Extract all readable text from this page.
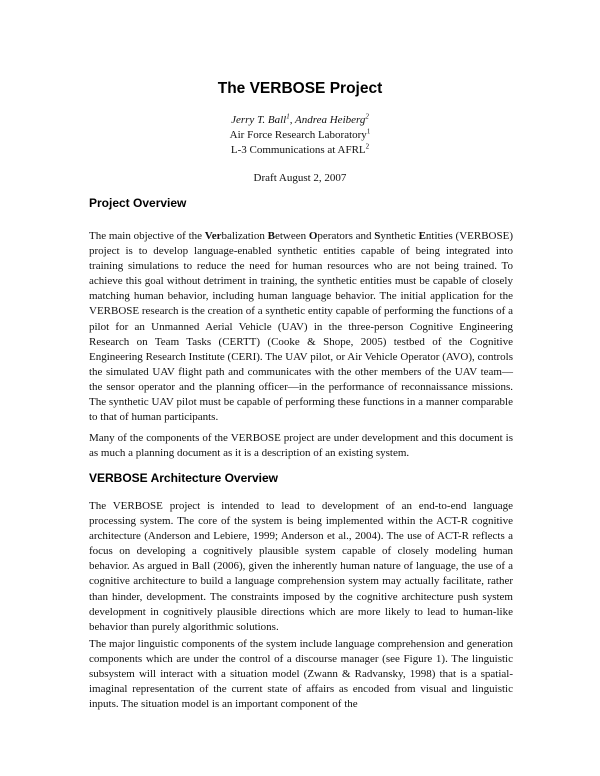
The VERBOSE Project
Jerry T. Ball$^1$, Andrea Heiberg$^2$
Air Force Research Laboratory$^1$
L-3 Communications at AFRL$^2$
Draft August 2, 2007
Project Overview

The main objective of the Verbalization Between Operators and Synthetic Entities (VERBOSE) project is to develop language-enabled synthetic entities capable of being integrated into training simulations to reduce the need for human resources who are not being trained. To achieve this goal without detriment in training, the synthetic entities must be capable of closely matching human behavior, including human language behavior. The initial application for the VERBOSE research is the creation of a synthetic entity capable of performing the functions of a pilot for an Unmanned Aerial Vehicle (UAV) in the three-person Cognitive Engineering Research on Team Tasks (CERTT) (Cooke & Shope, 2005) testbed of the Cognitive Engineering Research Institute (CERI). The UAV pilot, or Air Vehicle Operator (AVO), controls the simulated UAV flight path and communicates with the other members of the UAV team—the sensor operator and the planning officer—in the performance of reconnaissance missions. The synthetic UAV pilot must be capable of performing these functions in a manner comparable to that of human participants.

Many of the components of the VERBOSE project are under development and this document is as much a planning document as it is a description of an existing system.

VERBOSE Architecture Overview

The VERBOSE project is intended to lead to development of an end-to-end language processing system. The core of the system is being implemented within the ACT-R cognitive architecture (Anderson and Lebiere, 1999; Anderson et al., 2004). The use of ACT-R reflects a focus on developing a cognitively plausible system capable of closely modeling human behavior. As argued in Ball (2006), given the inherently human nature of language, the use of a cognitive architecture to build a language comprehension system may actually facilitate, rather than hinder, development. The constraints imposed by the cognitive architecture push system development in cognitively plausible directions which are more likely to lead to human-like behavior than purely algorithmic solutions.

The major linguistic components of the system include language comprehension and generation components which are under the control of a discourse manager (see Figure 1). The linguistic subsystem will interact with a situation model (Zwann & Radvansky, 1998) that is a spatial-imaginal representation of the current state of affairs as encoded from visual and linguistic inputs. The situation model is an important component of the
